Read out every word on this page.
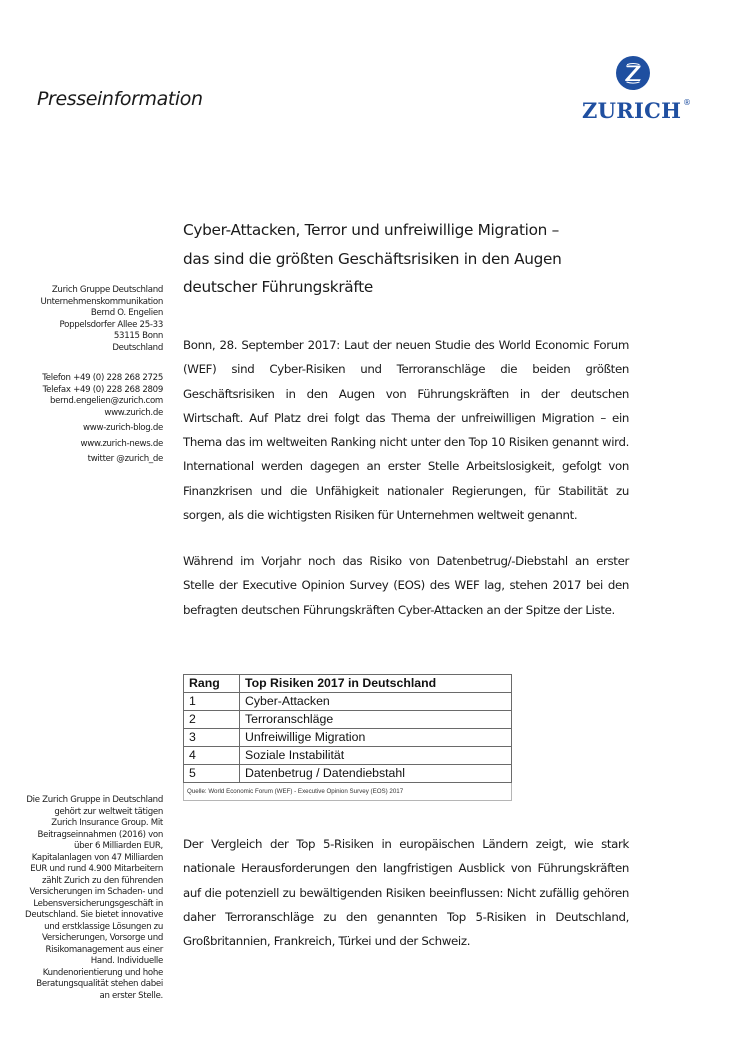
Presseinformation	ZURICH ®
Cyber-Attacken, Terror und unfreiwillige Migration –
das sind die größten Geschäftsrisiken in den Augen
deutscher Führungskräfte
Zurich Gruppe Deutschland
Unternehmenskommunikation
Bernd O. Engelien
Poppelsdorfer Allee 25-33
53115 Bonn
Deutschland
Telefon +49 (0) 228 268 2725
Telefax +49 (0) 228 268 2809
bernd.engelien@zurich.com
www.zurich.de
www-zurich-blog.de
www.zurich-news.de
twitter @zurich_de
Die Zurich Gruppe in Deutschland
gehört zur weltweit tätigen
Zurich Insurance Group. Mit
Beitragseinnahmen (2016) von
über 6 Milliarden EUR,
Kapitalanlagen von 47 Milliarden
EUR und rund 4.900 Mitarbeitern
zählt Zurich zu den führenden
Versicherungen im Schaden- und
Lebensversicherungsgeschäft in
Deutschland. Sie bietet innovative
und erstklassige Lösungen zu
Versicherungen, Vorsorge und
Risikomanagement aus einer
Hand. Individuelle
Kundenorientierung und hohe
Beratungsqualität stehen dabei
an erster Stelle.

Bonn, 28. September 2017: Laut der neuen Studie des World Economic Forum (WEF) sind Cyber-Risiken und Terroranschläge die beiden größten Geschäftsrisiken in den Augen von Führungskräften in der deutschen Wirtschaft. Auf Platz drei folgt das Thema der unfreiwilligen Migration – ein Thema das im weltweiten Ranking nicht unter den Top 10 Risiken genannt wird. International werden dagegen an erster Stelle Arbeitslosigkeit, gefolgt von Finanzkrisen und die Unfähigkeit nationaler Regierungen, für Stabilität zu sorgen, als die wichtigsten Risiken für Unternehmen weltweit genannt.

Während im Vorjahr noch das Risiko von Datenbetrug/-Diebstahl an erster Stelle der Executive Opinion Survey (EOS) des WEF lag, stehen 2017 bei den befragten deutschen Führungskräften Cyber-Attacken an der Spitze der Liste.

Rang	Top Risiken 2017 in Deutschland
1	Cyber-Attacken
2	Terroranschläge
3	Unfreiwillige Migration
4	Soziale Instabilität
5	Datenbetrug / Datendiebstahl
Quelle: World Economic Forum (WEF) - Executive Opinion Survey (EOS) 2017	

Der Vergleich der Top 5-Risiken in europäischen Ländern zeigt, wie stark nationale Herausforderungen den langfristigen Ausblick von Führungskräften auf die potenziell zu bewältigenden Risiken beeinflussen: Nicht zufällig gehören daher Terroranschläge zu den genannten Top 5-Risiken in Deutschland, Großbritannien, Frankreich, Türkei und der Schweiz.
